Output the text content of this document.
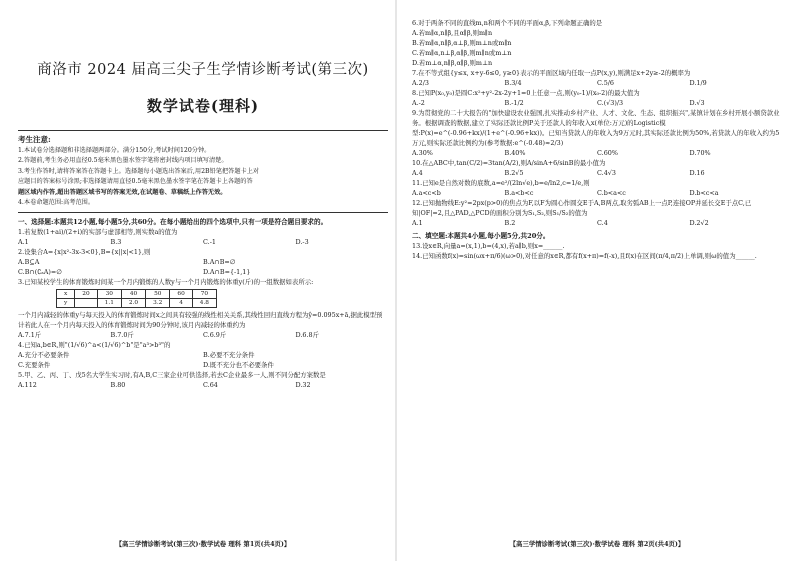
商洛市 2024 届高三尖子生学情诊断考试(第三次)
数学试卷(理科)
考生注意:
1.本试卷分选择题和非选择题两部分。满分150分,考试时间120分钟。
2.答题前,考生务必用直径0.5毫米黑色墨水签字笔将密封线内项目填写清楚。
3.考生作答时,请将答案答在答题卡上。选择题每小题选出答案后,用2B铅笔把答题卡上对
应题目的答案标号涂黑;非选择题请用直径0.5毫米黑色墨水签字笔在答题卡上各题的答
题区域内作答,超出答题区域书写的答案无效,在试题卷、草稿纸上作答无效。
4.本卷命题范围:高考范围。
一、选择题:本题共12小题,每小题5分,共60分。在每小题给出的四个选项中,只有一项是符合题目要求的。
1.若复数(1+ai)/(2+i)的实部与虚部相等,则实数a的值为
A.1	B.3	C.-1	D.-3
2.设集合A={x|x²-3x-3<0},B={x||x|<1},则
A.B⊆A	B.A∩B=∅
C.B∩(∁ₐA)=∅	D.A∩B={-1,1}
3.已知某校学生的体育锻炼时间某一个月内锻炼的人数y与一个月内锻炼的体重y(斤)的一组数据如表所示:
x	20	30	40	50	60	70
y		1.1	2.0	3.2	4	4.8
一个月内减轻的体重y与每天投入的体育锻炼时间x之间具有较强的线性相关关系,其线性回归直线方程为ŷ=0.095x+ā,据此模型预计若此人在一个月内每天投入的体育锻炼时间为90分钟时,该月内减轻的体重约为
A.7.1斤	B.7.0斤	C.6.9斤	D.6.8斤
4.已知a,b∈R,则"(1/√6)^a<(1/√6)^b"是"a³>b³"的
A.充分不必要条件	B.必要不充分条件
C.充要条件	D.既不充分也不必要条件
5.甲、乙、丙、丁、戊5名大学生实习时,有A,B,C三家企业可供选择,若去C企业最多一人,则不同分配方案数是
A.112	B.80	C.64	D.32
【高三学情诊断考试(第三次)·数学试卷 理科 第1页(共4页)】
6.对于两条不同的直线m,n和两个不同的平面α,β,下列命题正确的是
A.若m∥α,n∥β,且α∥β,则m∥n
B.若m∥α,n∥β,α⊥β,则m⊥n或m∥n
C.若m∥α,n⊥β,α∥β,则m∥n或m⊥n
D.若m⊥α,n∥β,α∥β,则m⊥n
7.在不等式组{y≤x, x+y-6≤0, y≥0}表示的平面区域内任取一点P(x,y),则满足x+2y≥-2的概率为
A.2/3	B.3/4	C.5/6	D.1/9
8.已知P(x₀,y₀)是圆C:x²+y²-2x-2y+1=0上任意一点,则(y₀-1)/(x₀-2)的最大值为
A.-2	B.-1/2	C.(√3)/3	D.√3
9.为贯彻党的二十大报告的"加快建设农业强国,扎实推动乡村产业、人才、文化、生态、组织振兴",某镇计划在乡村开展小额贷款业务。根据调查的数据,建立了实际还款比例P关于还款人的年收入x(单位:万元)的Logistic模型:P(x)=e^(-0.96+kx)/(1+e^(-0.96+kx))。已知当贷款人的年收入为9万元时,其实际还款比例为50%,若贷款人的年收入约为5万元,则实际还款比例约为(参考数据:e^(-0.48)≈2/3)
A.30%	B.40%	C.60%	D.70%
10.在△ABC中,tan(C/2)=3tan(A/2),则A/sinA+6/sinB的最小值为
A.4	B.2√5	C.4√3	D.16
11.已知e是自然对数的底数,a=e²/(2ln√e),b=e/ln2,c=1/e,则
A.a<c<b	B.a<b<c	C.b<a<c	D.b<c<a
12.已知抛物线E:y²=2px(p>0)的焦点为F,以F为圆心作圆交E于A,B两点,取劣弧AB上一点P,连接OP并延长交E于点C,已知|OF|=2,且△PAD,△PCD的面积分别为S₁,S₂,则S₁/S₂的值为
A.1	B.2	C.4	D.2√2
二、填空题:本题共4小题,每小题5分,共20分。
13.设x∈R,向量a=(x,1),b=(4,x),若a∥b,则x=______.
14.已知函数f(x)=sin(ωx+π/6)(ω>0),对任意的x∈R,都有f(x+π)=f(-x),且f(x)在区间(π/4,π/2)上单调,则ω的值为______.
【高三学情诊断考试(第三次)·数学试卷 理科 第2页(共4页)】
